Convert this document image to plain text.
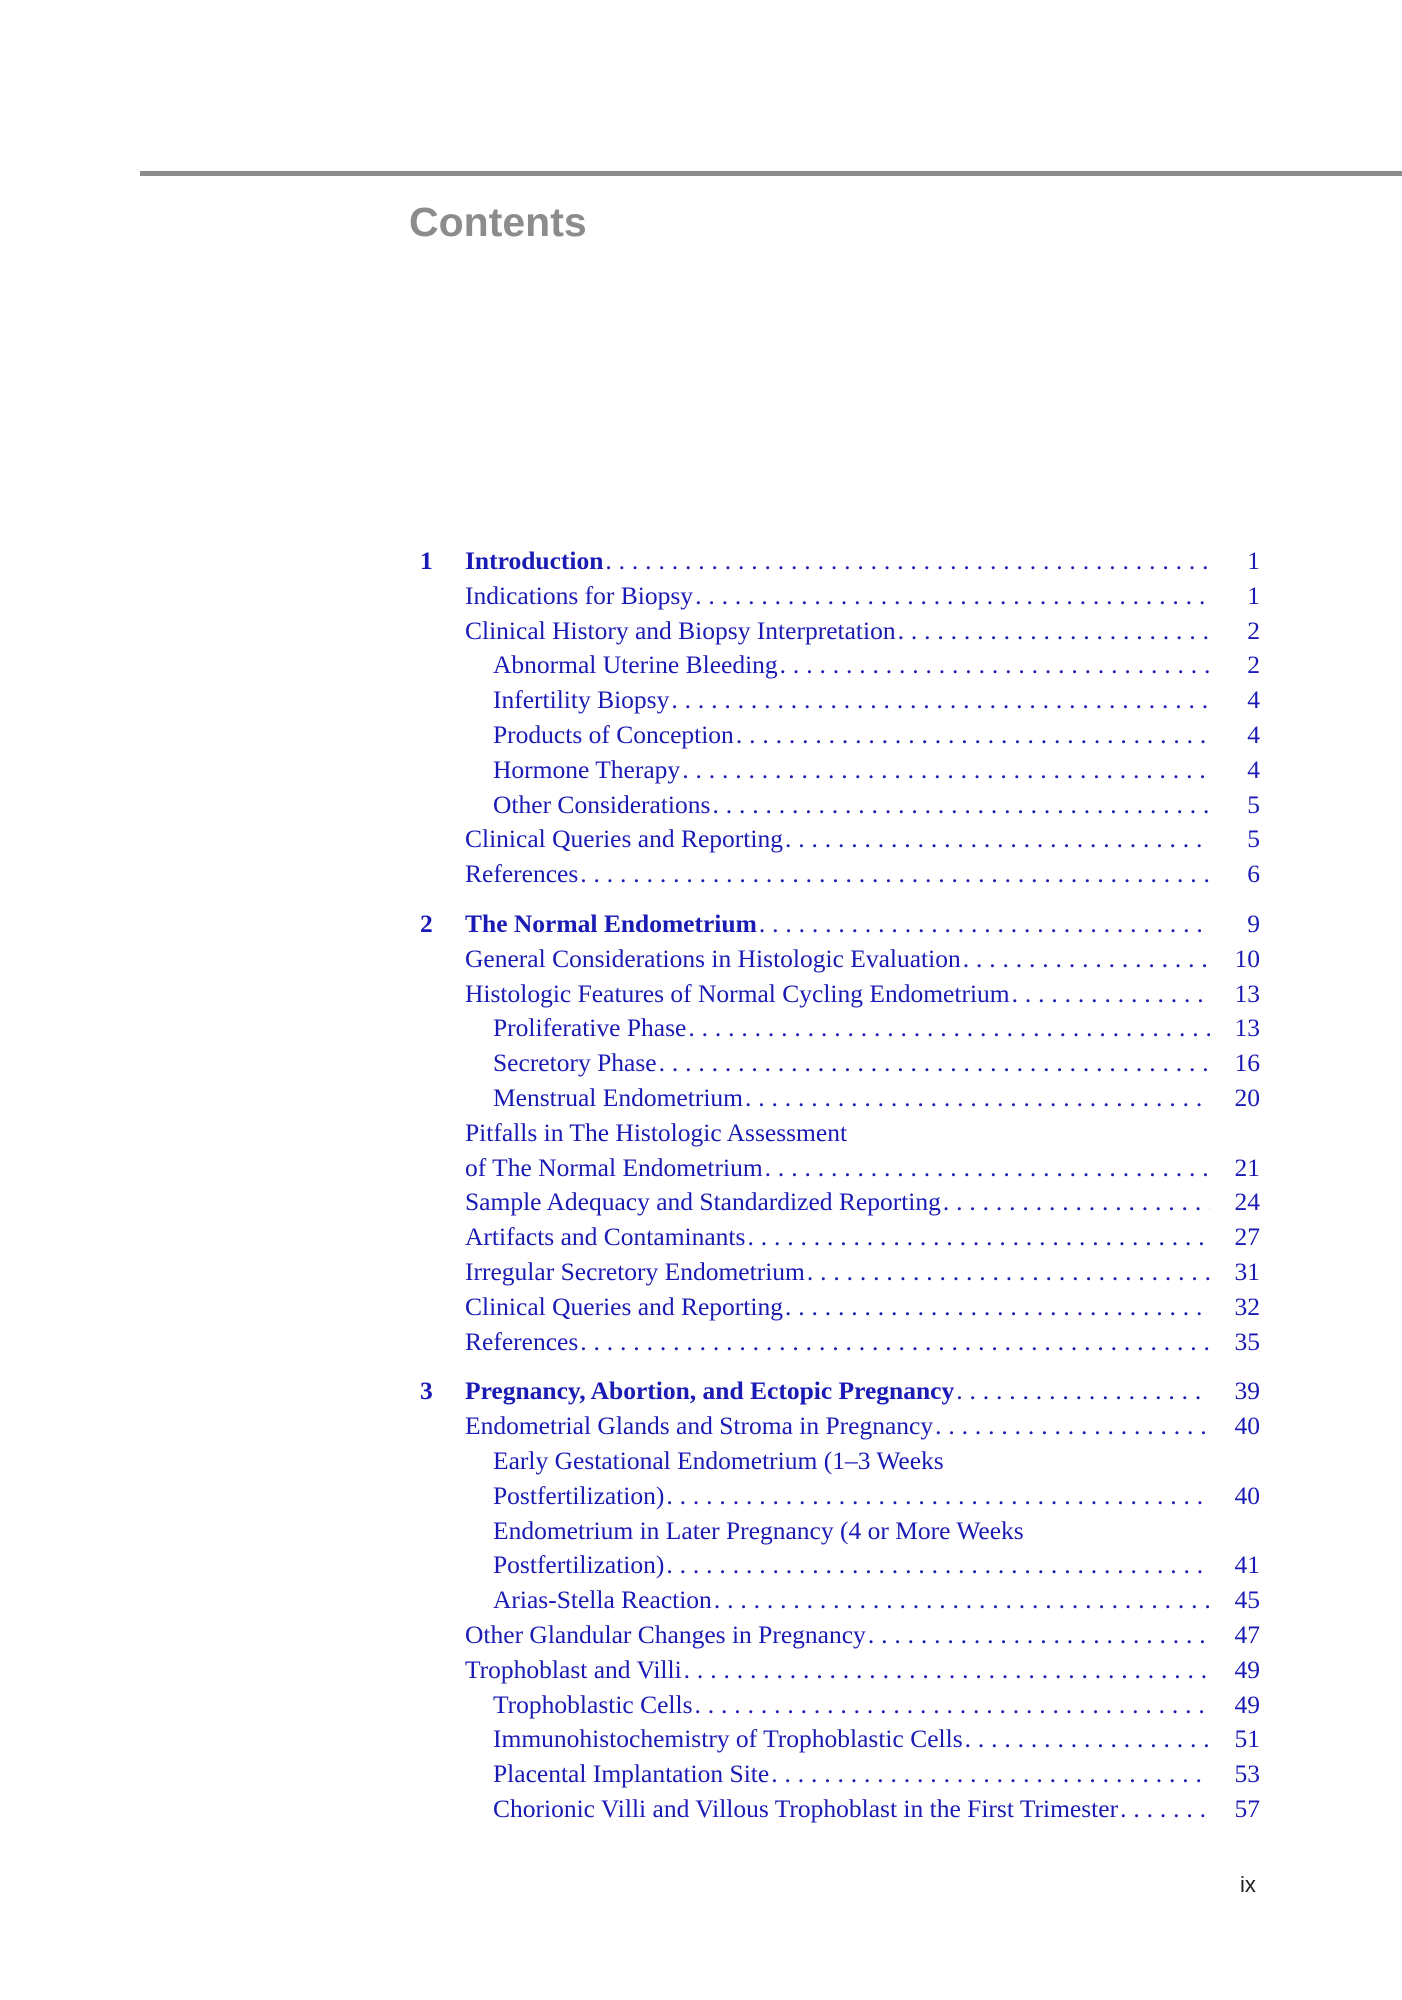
Contents
1 Introduction . . .	1
Indications for Biopsy . . .	1
Clinical History and Biopsy Interpretation . . .	2
Abnormal Uterine Bleeding . . .	2
Infertility Biopsy . . .	4
Products of Conception . . .	4
Hormone Therapy . . .	4
Other Considerations . . .	5
Clinical Queries and Reporting . . .	5
References . . .	6
2 The Normal Endometrium . . .	9
General Considerations in Histologic Evaluation . . .	10
Histologic Features of Normal Cycling Endometrium . . .	13
Proliferative Phase . . .	13
Secretory Phase . . .	16
Menstrual Endometrium . . .	20
Pitfalls in The Histologic Assessment
of The Normal Endometrium . . .	21
Sample Adequacy and Standardized Reporting . . .	24
Artifacts and Contaminants . . .	27
Irregular Secretory Endometrium . . .	31
Clinical Queries and Reporting . . .	32
References . . .	35
3 Pregnancy, Abortion, and Ectopic Pregnancy . . .	39
Endometrial Glands and Stroma in Pregnancy . . .	40
Early Gestational Endometrium (1–3 Weeks
Postfertilization) . . .	40
Endometrium in Later Pregnancy (4 or More Weeks
Postfertilization) . . .	41
Arias-Stella Reaction . . .	45
Other Glandular Changes in Pregnancy . . .	47
Trophoblast and Villi . . .	49
Trophoblastic Cells . . .	49
Immunohistochemistry of Trophoblastic Cells . . .	51
Placental Implantation Site . . .	53
Chorionic Villi and Villous Trophoblast in the First Trimester . . .	57
ix
